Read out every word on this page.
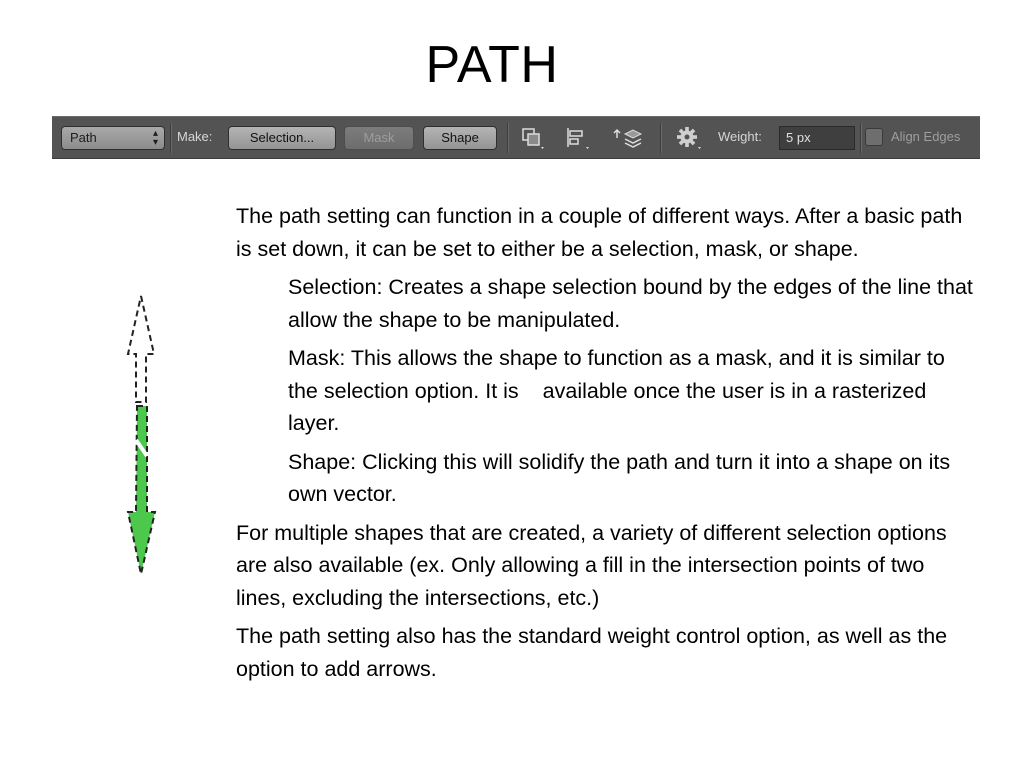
PATH
Path	▴
▾ Make:	Selection...	Mask	Shape	Weight:	5 px	Align Edges

The path setting can function in a couple of different ways. After a basic path is set down, it can be set to either be a selection, mask, or shape.

Selection: Creates a shape selection bound by the edges of the line that allow the shape to be manipulated.

Mask: This allows the shape to function as a mask, and it is similar to the selection option. It is available once the user is in a rasterized layer.

Shape: Clicking this will solidify the path and turn it into a shape on its own vector.

For multiple shapes that are created, a variety of different selection options are also available (ex. Only allowing a fill in the intersection points of two lines, excluding the intersections, etc.)

The path setting also has the standard weight control option, as well as the option to add arrows.
